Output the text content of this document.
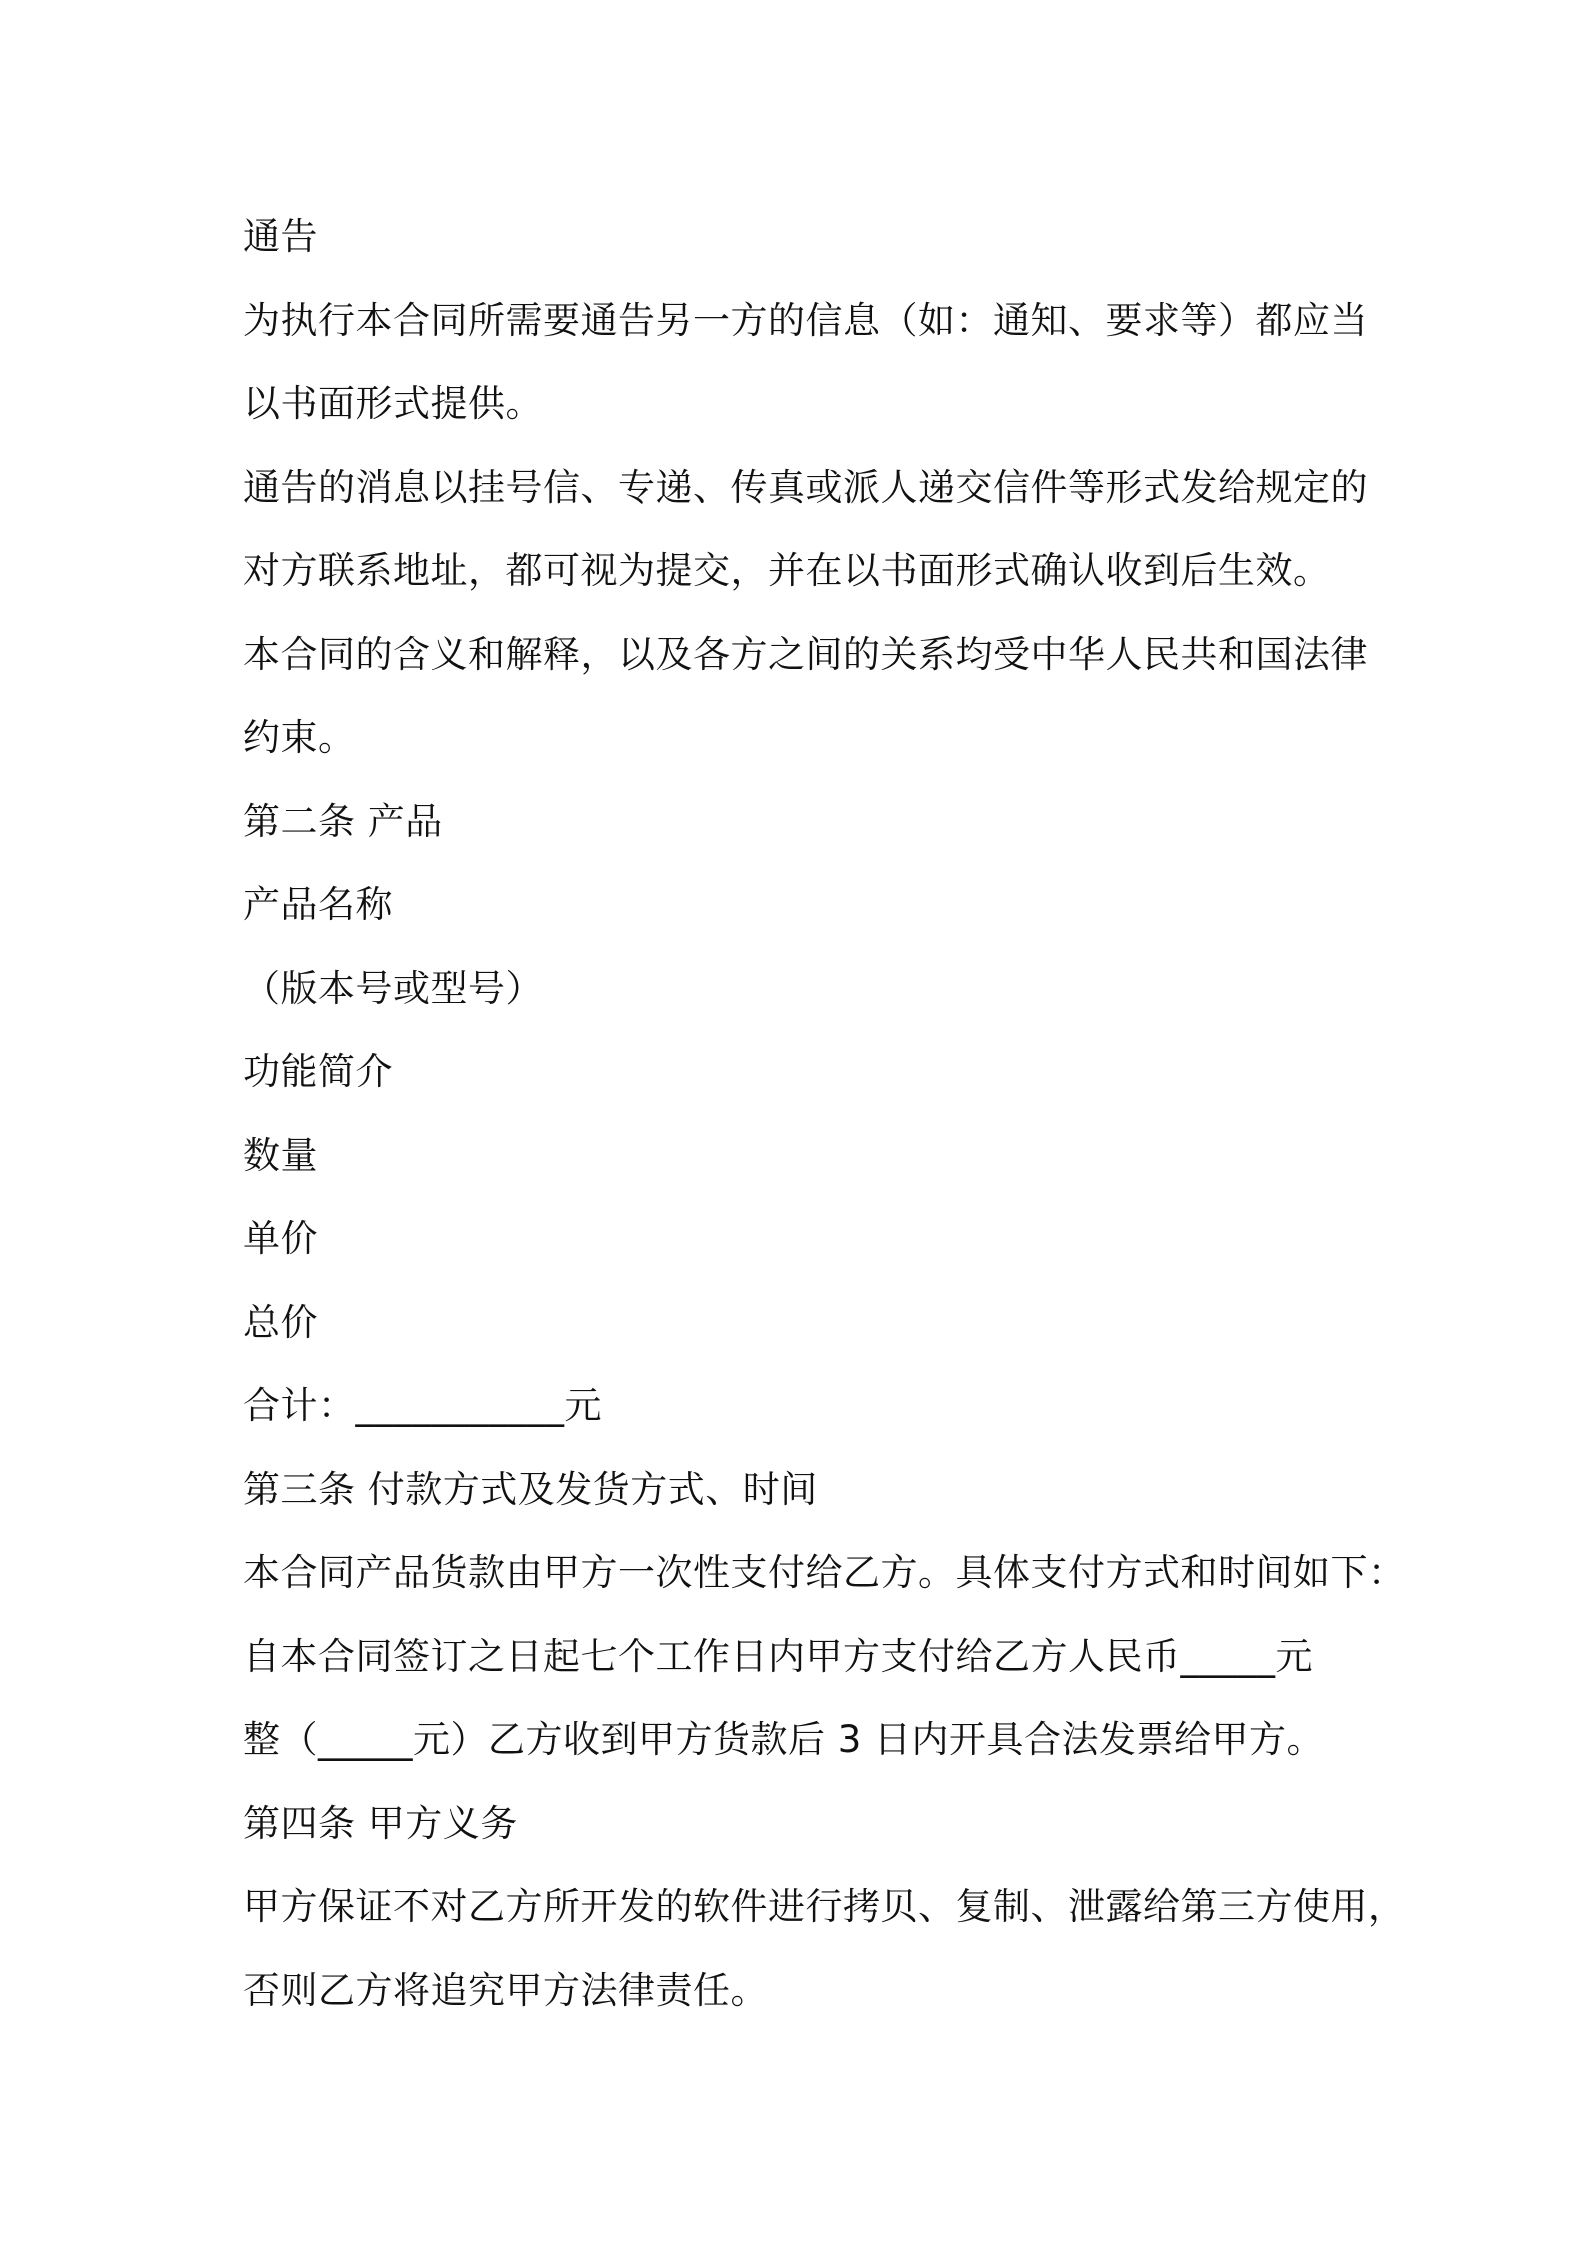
通告
为执行本合同所需要通告另一方的信息（如：通知、要求等）都应当
以书面形式提供。
通告的消息以挂号信、专递、传真或派人递交信件等形式发给规定的
对方联系地址，都可视为提交，并在以书面形式确认收到后生效。
本合同的含义和解释，以及各方之间的关系均受中华人民共和国法律
约束。
第二条 产品
产品名称
（版本号或型号）
功能简介
数量
单价
总价
合计：___________元
第三条 付款方式及发货方式、时间
本合同产品货款由甲方一次性支付给乙方。具体支付方式和时间如下：
自本合同签订之日起七个工作日内甲方支付给乙方人民币_____元
整（_____元）乙方收到甲方货款后 3 日内开具合法发票给甲方。
第四条 甲方义务
甲方保证不对乙方所开发的软件进行拷贝、复制、泄露给第三方使用，
否则乙方将追究甲方法律责任。
